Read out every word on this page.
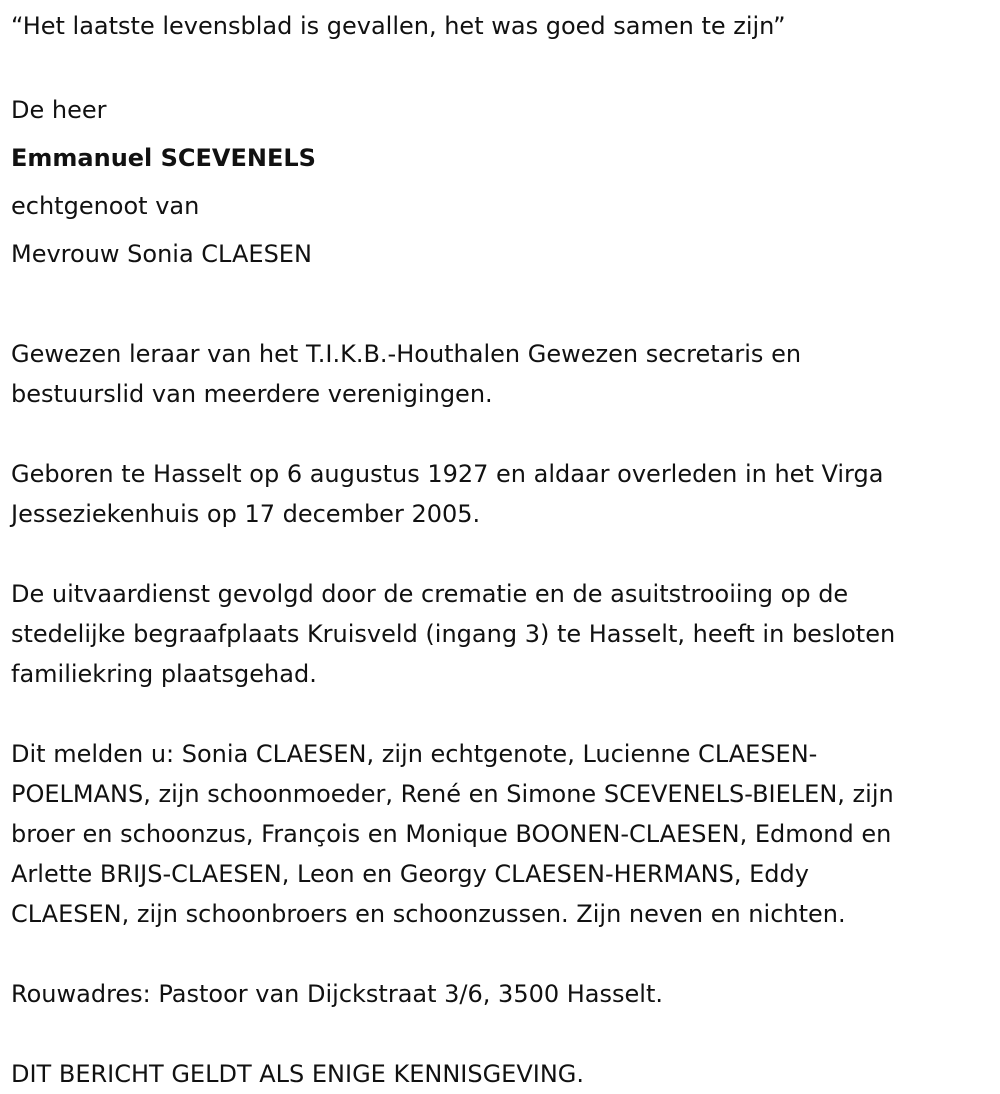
“Het laatste levensblad is gevallen, het was goed samen te zijn”
De heer
Emmanuel SCEVENELS
echtgenoot van
Mevrouw Sonia CLAESEN
Gewezen leraar van het T.I.K.B.-Houthalen Gewezen secretaris en
bestuurslid van meerdere verenigingen.
Geboren te Hasselt op 6 augustus 1927 en aldaar overleden in het Virga
Jesseziekenhuis op 17 december 2005.
De uitvaardienst gevolgd door de crematie en de asuitstrooiing op de
stedelijke begraafplaats Kruisveld (ingang 3) te Hasselt, heeft in besloten
familiekring plaatsgehad.
Dit melden u: Sonia CLAESEN, zijn echtgenote, Lucienne CLAESEN-
POELMANS, zijn schoonmoeder, René en Simone SCEVENELS-BIELEN, zijn
broer en schoonzus, François en Monique BOONEN-CLAESEN, Edmond en
Arlette BRIJS-CLAESEN, Leon en Georgy CLAESEN-HERMANS, Eddy
CLAESEN, zijn schoonbroers en schoonzussen. Zijn neven en nichten.
Rouwadres: Pastoor van Dijckstraat 3/6, 3500 Hasselt.
DIT BERICHT GELDT ALS ENIGE KENNISGEVING.
